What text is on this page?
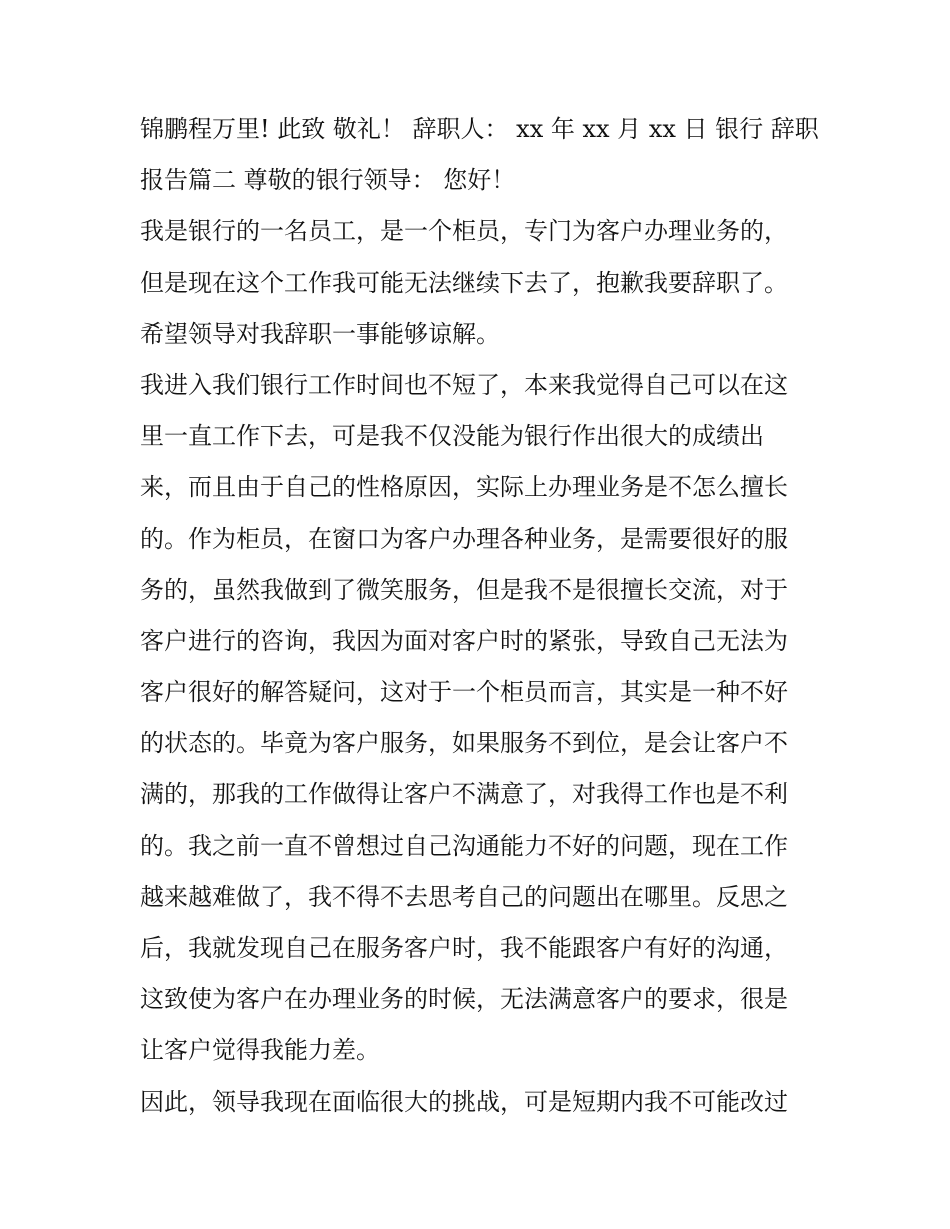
锦鹏程万里! 此致 敬礼！ 辞职人： xx 年 xx 月 xx 日 银行 辞职
报告篇二 尊敬的银行领导： 您好！
我是银行的一名员工，是一个柜员，专门为客户办理业务的，
但是现在这个工作我可能无法继续下去了，抱歉我要辞职了。
希望领导对我辞职一事能够谅解。
我进入我们银行工作时间也不短了，本来我觉得自己可以在这
里一直工作下去，可是我不仅没能为银行作出很大的成绩出
来，而且由于自己的性格原因，实际上办理业务是不怎么擅长
的。作为柜员，在窗口为客户办理各种业务，是需要很好的服
务的，虽然我做到了微笑服务，但是我不是很擅长交流，对于
客户进行的咨询，我因为面对客户时的紧张，导致自己无法为
客户很好的解答疑问，这对于一个柜员而言，其实是一种不好
的状态的。毕竟为客户服务，如果服务不到位，是会让客户不
满的，那我的工作做得让客户不满意了，对我得工作也是不利
的。我之前一直不曾想过自己沟通能力不好的问题，现在工作
越来越难做了，我不得不去思考自己的问题出在哪里。反思之
后，我就发现自己在服务客户时，我不能跟客户有好的沟通，
这致使为客户在办理业务的时候，无法满意客户的要求，很是
让客户觉得我能力差。
因此，领导我现在面临很大的挑战，可是短期内我不可能改过
